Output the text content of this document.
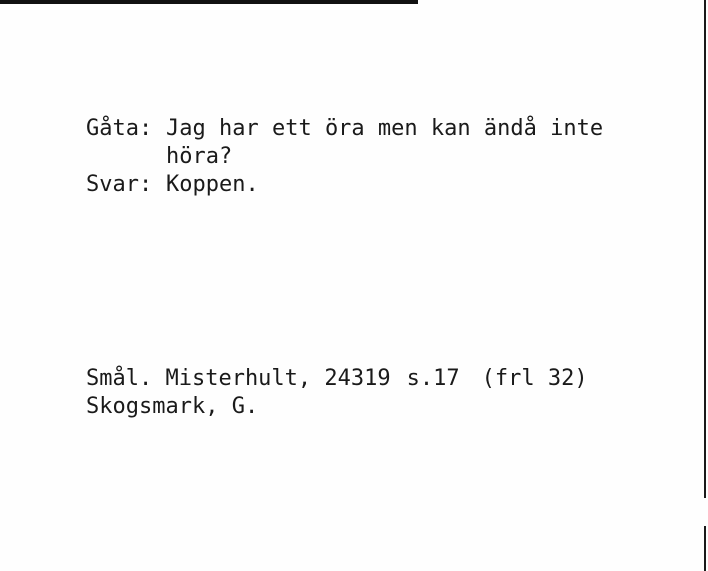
Gåta: Jag har ett öra men kan ändå inte

höra?

Svar: Koppen.

Smål. Misterhult, 24319 s.17 (frl 32)

Skogsmark, G.
